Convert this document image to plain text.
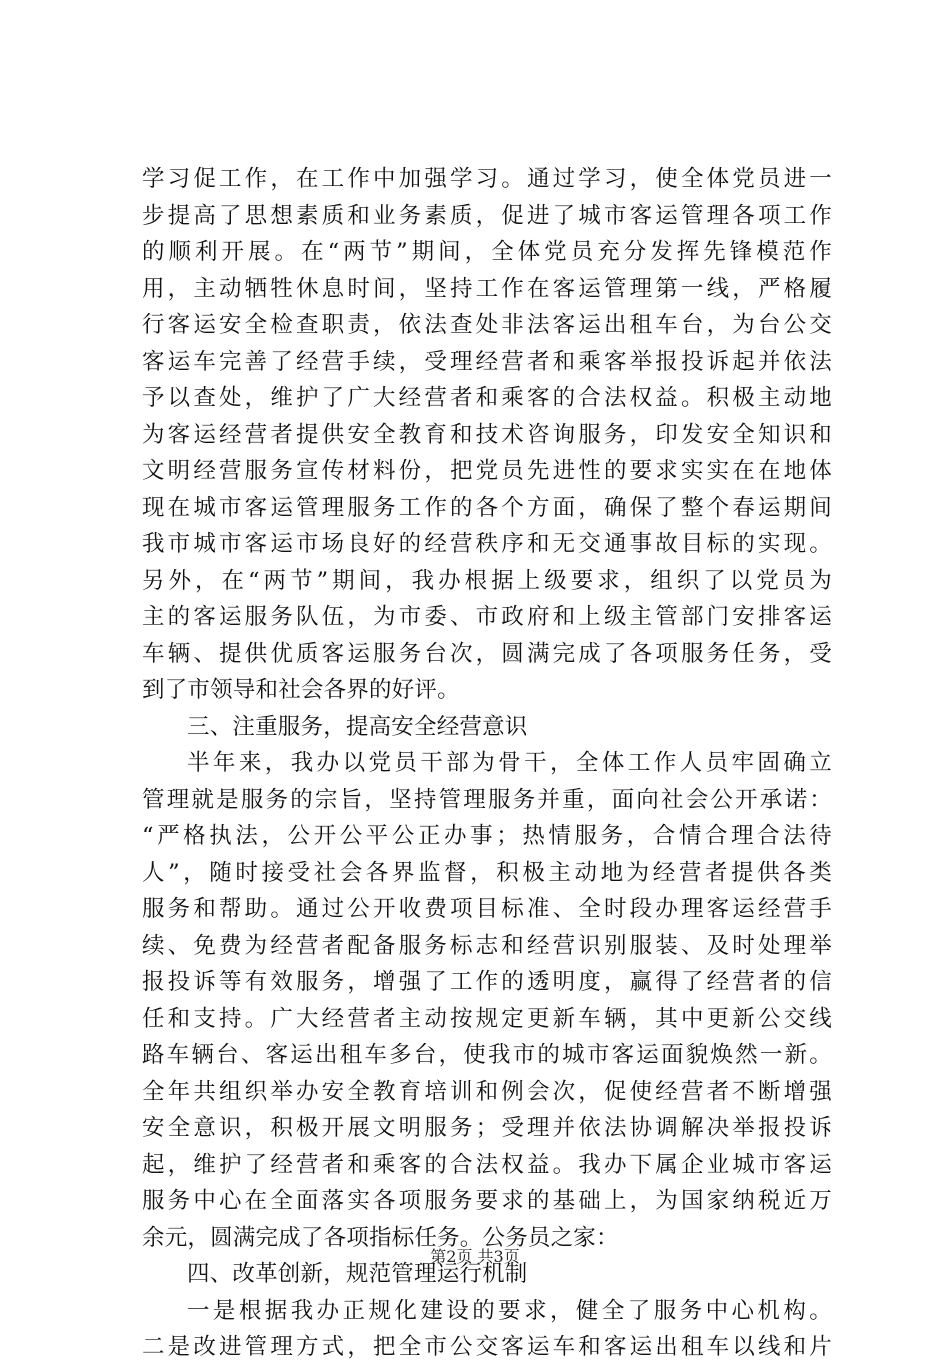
学习促工作，在工作中加强学习。通过学习，使全体党员进一
步提高了思想素质和业务素质，促进了城市客运管理各项工作
的顺利开展。在“两节”期间，全体党员充分发挥先锋模范作
用，主动牺牲休息时间，坚持工作在客运管理第一线，严格履
行客运安全检查职责，依法查处非法客运出租车台，为台公交
客运车完善了经营手续，受理经营者和乘客举报投诉起并依法
予以查处，维护了广大经营者和乘客的合法权益。积极主动地
为客运经营者提供安全教育和技术咨询服务，印发安全知识和
文明经营服务宣传材料份，把党员先进性的要求实实在在地体
现在城市客运管理服务工作的各个方面，确保了整个春运期间
我市城市客运市场良好的经营秩序和无交通事故目标的实现。
另外，在“两节”期间，我办根据上级要求，组织了以党员为
主的客运服务队伍，为市委、市政府和上级主管部门安排客运
车辆、提供优质客运服务台次，圆满完成了各项服务任务，受
到了市领导和社会各界的好评。
三、注重服务，提高安全经营意识
半年来，我办以党员干部为骨干，全体工作人员牢固确立
管理就是服务的宗旨，坚持管理服务并重，面向社会公开承诺：
“严格执法，公开公平公正办事；热情服务，合情合理合法待
人”，随时接受社会各界监督，积极主动地为经营者提供各类
服务和帮助。通过公开收费项目标准、全时段办理客运经营手
续、免费为经营者配备服务标志和经营识别服装、及时处理举
报投诉等有效服务，增强了工作的透明度，赢得了经营者的信
任和支持。广大经营者主动按规定更新车辆，其中更新公交线
路车辆台、客运出租车多台，使我市的城市客运面貌焕然一新。
全年共组织举办安全教育培训和例会次，促使经营者不断增强
安全意识，积极开展文明服务；受理并依法协调解决举报投诉
起，维护了经营者和乘客的合法权益。我办下属企业城市客运
服务中心在全面落实各项服务要求的基础上，为国家纳税近万
余元，圆满完成了各项指标任务。公务员之家：
四、改革创新，规范管理运行机制
一是根据我办正规化建设的要求，健全了服务中心机构。
二是改进管理方式，把全市公交客运车和客运出租车以线和片
第2页 共3页
